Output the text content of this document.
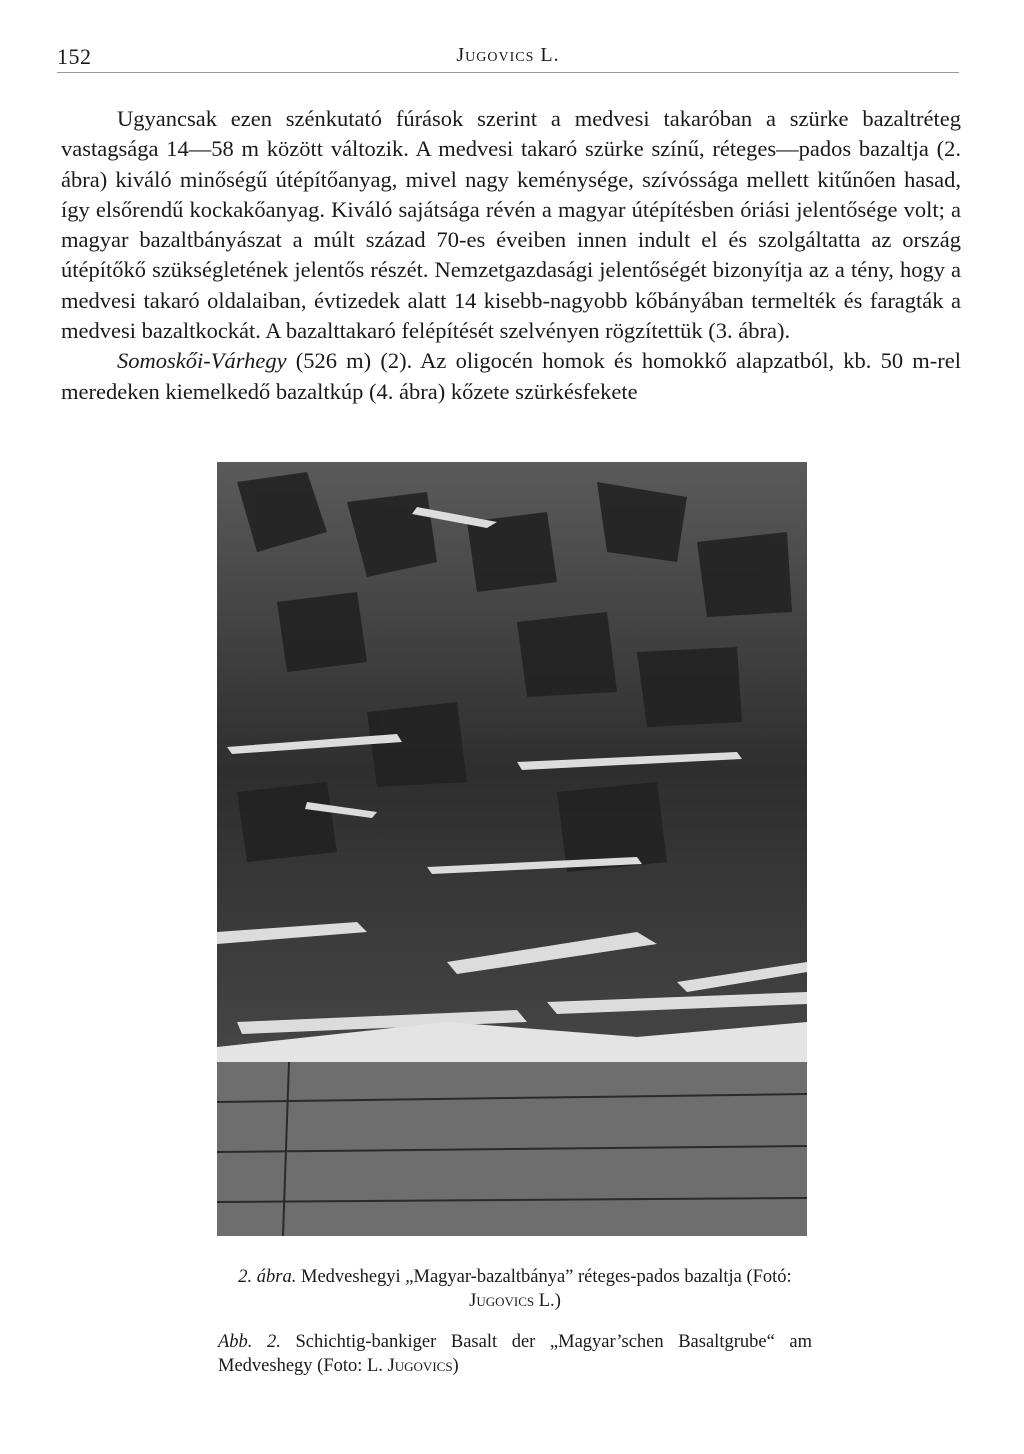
152	Jugovics L.

Ugyancsak ezen szénkutató fúrások szerint a medvesi takaróban a szürke bazaltréteg vastagsága 14—58 m között változik. A medvesi takaró szürke színű, réteges—pados bazaltja (2. ábra) kiváló minőségű útépítőanyag, mivel nagy keménysége, szívóssága mellett kitűnően hasad, így elsőrendű kockakőanyag. Kiváló sajátsága révén a magyar útépítésben óriási jelentősége volt; a magyar bazaltbányászat a múlt század 70-es éveiben innen indult el és szolgáltatta az ország útépítőkő szükségletének jelentős részét. Nemzetgazdasági jelentőségét bizonyítja az a tény, hogy a medvesi takaró oldalaiban, évtizedek alatt 14 kisebb-nagyobb kőbányában termelték és faragták a medvesi bazaltkockát. A bazalttakaró felépítését szelvényen rögzítettük (3. ábra).

Somoskői-Várhegy (526 m) (2). Az oligocén homok és homokkő alapzatból, kb. 50 m-rel meredeken kiemelkedő bazaltkúp (4. ábra) kőzete szürkésfekete

2. ábra. Medveshegyi „Magyar-bazaltbánya” réteges-pados bazaltja (Fotó: Jugovics L.)
Abb. 2. Schichtig-bankiger Basalt der „Magyar’schen Basaltgrube“ am Medveshegy (Foto: L. Jugovics)
